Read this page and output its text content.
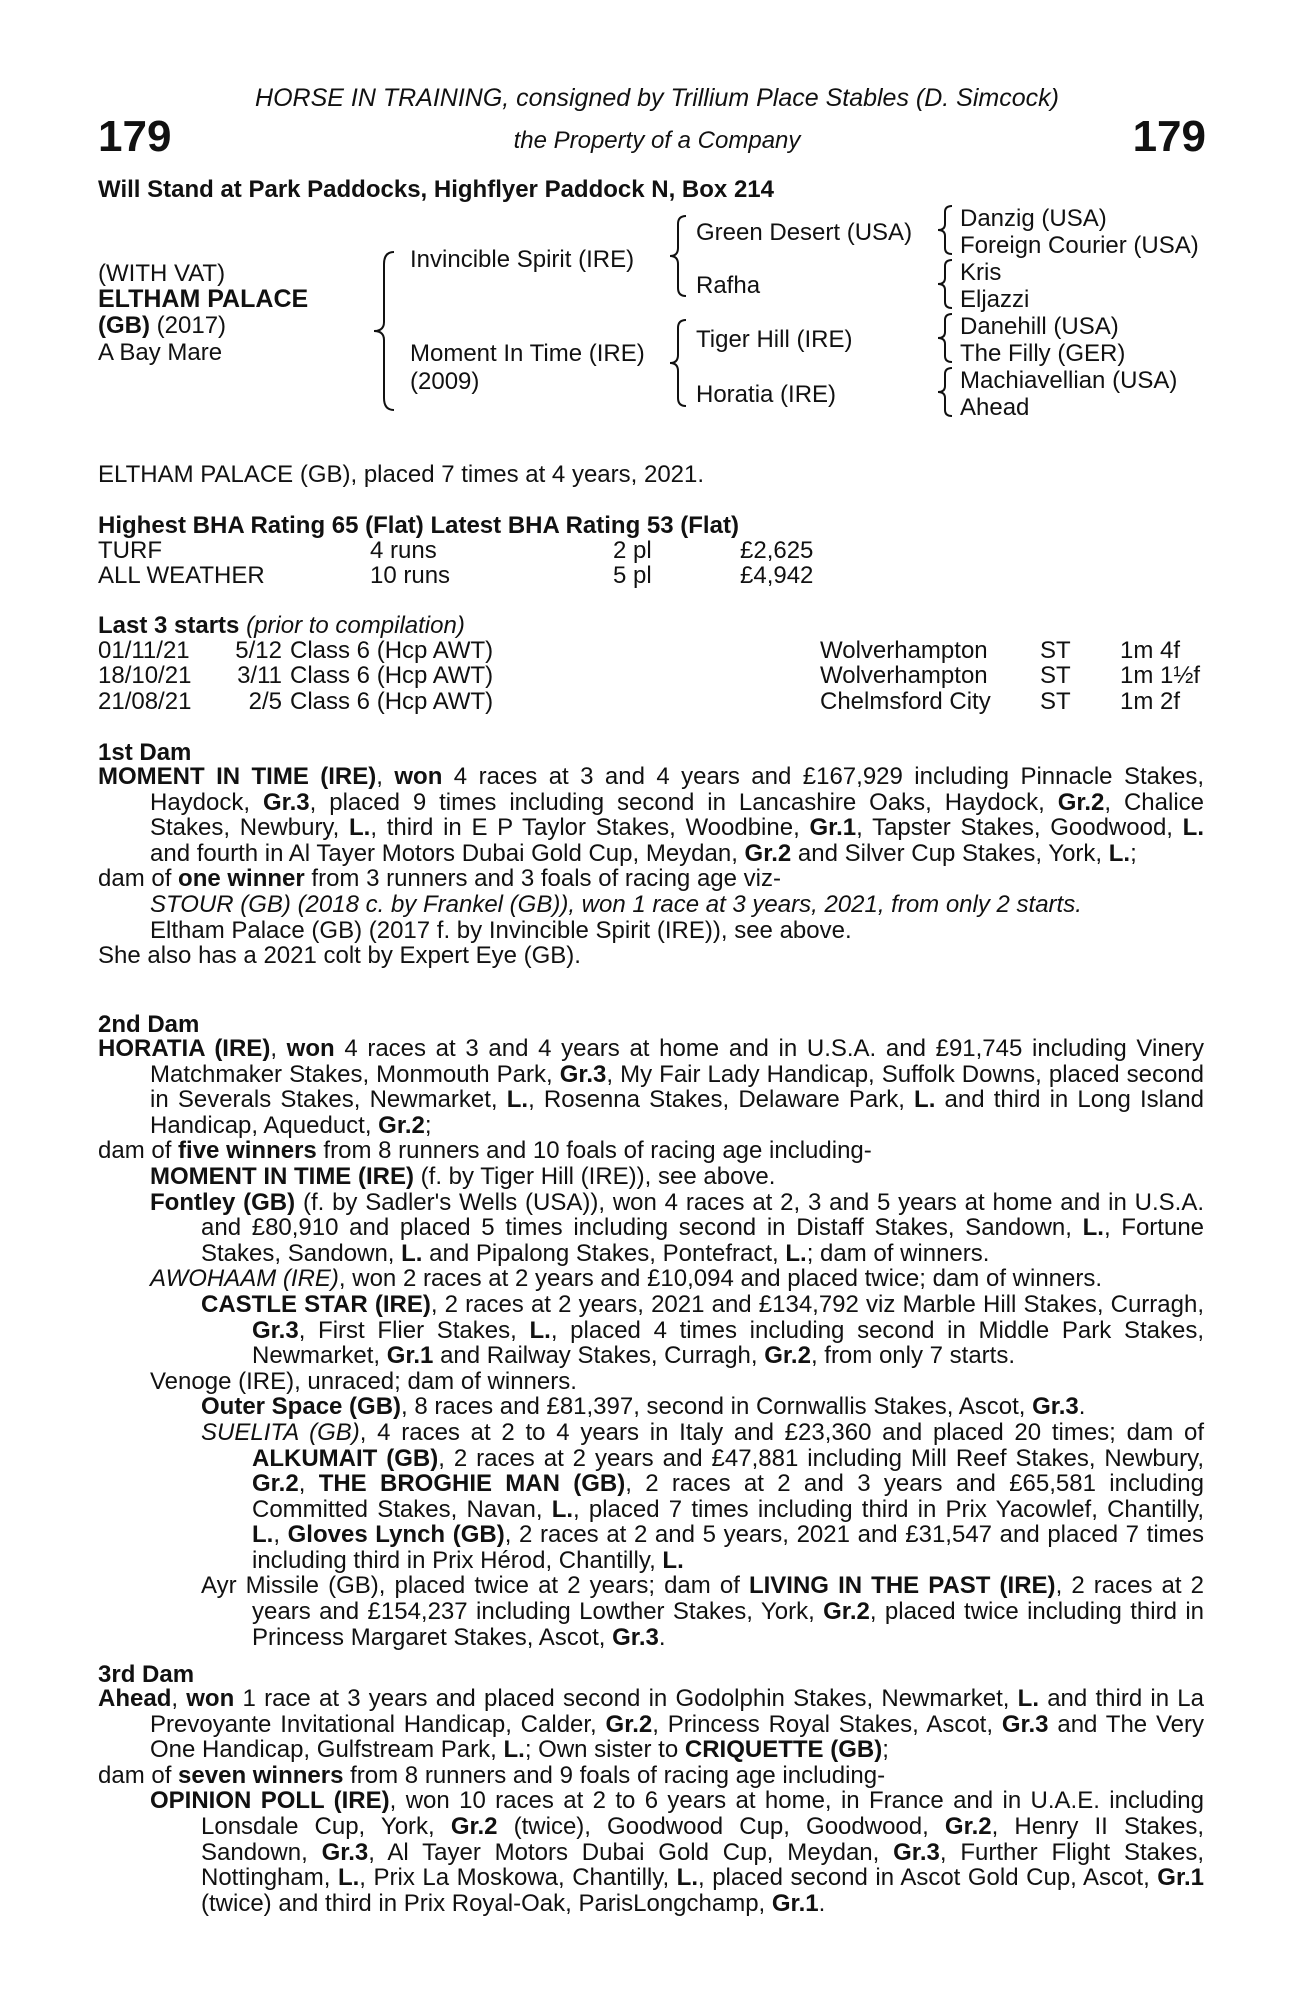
179	179
HORSE IN TRAINING, consigned by Trillium Place Stables (D. Simcock)
the Property of a Company
Will Stand at Park Paddocks, Highflyer Paddock N, Box 214
(WITH VAT)
ELTHAM PALACE
(GB) (2017)
A Bay Mare
Invincible Spirit (IRE)
Moment In Time (IRE)
(2009)
Green Desert (USA)
Rafha
Tiger Hill (IRE)
Horatia (IRE)
Danzig (USA)
Foreign Courier (USA)
Kris
Eljazzi
Danehill (USA)
The Filly (GER)
Machiavellian (USA)
Ahead
ELTHAM PALACE (GB), placed 7 times at 4 years, 2021.
Highest BHA Rating 65 (Flat) Latest BHA Rating 53 (Flat)
TURF	4 runs	2 pl	£2,625
ALL WEATHER	10 runs	5 pl	£4,942
Last 3 starts (prior to compilation)
01/11/21	5/12 Class 6 (Hcp AWT)	Wolverhampton ST 1m 4f
18/10/21	3/11 Class 6 (Hcp AWT)	Wolverhampton ST 1m 1½f
21/08/21	2/5 Class 6 (Hcp AWT)	Chelmsford City ST 1m 2f
1st Dam

MOMENT IN TIME (IRE), won 4 races at 3 and 4 years and £167,929 including Pinnacle Stakes, Haydock, Gr.3, placed 9 times including second in Lancashire Oaks, Haydock, Gr.2, Chalice Stakes, Newbury, L., third in E P Taylor Stakes, Woodbine, Gr.1, Tapster Stakes, Goodwood, L. and fourth in Al Tayer Motors Dubai Gold Cup, Meydan, Gr.2 and Silver Cup Stakes, York, L.;

dam of one winner from 3 runners and 3 foals of racing age viz-

STOUR (GB) (2018 c. by Frankel (GB)), won 1 race at 3 years, 2021, from only 2 starts.

Eltham Palace (GB) (2017 f. by Invincible Spirit (IRE)), see above.

She also has a 2021 colt by Expert Eye (GB).

2nd Dam

HORATIA (IRE), won 4 races at 3 and 4 years at home and in U.S.A. and £91,745 including Vinery Matchmaker Stakes, Monmouth Park, Gr.3, My Fair Lady Handicap, Suffolk Downs, placed second in Severals Stakes, Newmarket, L., Rosenna Stakes, Delaware Park, L. and third in Long Island Handicap, Aqueduct, Gr.2;

dam of five winners from 8 runners and 10 foals of racing age including-

MOMENT IN TIME (IRE) (f. by Tiger Hill (IRE)), see above.

Fontley (GB) (f. by Sadler's Wells (USA)), won 4 races at 2, 3 and 5 years at home and in U.S.A. and £80,910 and placed 5 times including second in Distaff Stakes, Sandown, L., Fortune Stakes, Sandown, L. and Pipalong Stakes, Pontefract, L.; dam of winners.

AWOHAAM (IRE), won 2 races at 2 years and £10,094 and placed twice; dam of winners.

CASTLE STAR (IRE), 2 races at 2 years, 2021 and £134,792 viz Marble Hill Stakes, Curragh, Gr.3, First Flier Stakes, L., placed 4 times including second in Middle Park Stakes, Newmarket, Gr.1 and Railway Stakes, Curragh, Gr.2, from only 7 starts.

Venoge (IRE), unraced; dam of winners.

Outer Space (GB), 8 races and £81,397, second in Cornwallis Stakes, Ascot, Gr.3.

SUELITA (GB), 4 races at 2 to 4 years in Italy and £23,360 and placed 20 times; dam of ALKUMAIT (GB), 2 races at 2 years and £47,881 including Mill Reef Stakes, Newbury, Gr.2, THE BROGHIE MAN (GB), 2 races at 2 and 3 years and £65,581 including Committed Stakes, Navan, L., placed 7 times including third in Prix Yacowlef, Chantilly, L., Gloves Lynch (GB), 2 races at 2 and 5 years, 2021 and £31,547 and placed 7 times including third in Prix Hérod, Chantilly, L.

Ayr Missile (GB), placed twice at 2 years; dam of LIVING IN THE PAST (IRE), 2 races at 2 years and £154,237 including Lowther Stakes, York, Gr.2, placed twice including third in Princess Margaret Stakes, Ascot, Gr.3.

3rd Dam

Ahead, won 1 race at 3 years and placed second in Godolphin Stakes, Newmarket, L. and third in La Prevoyante Invitational Handicap, Calder, Gr.2, Princess Royal Stakes, Ascot, Gr.3 and The Very One Handicap, Gulfstream Park, L.; Own sister to CRIQUETTE (GB);

dam of seven winners from 8 runners and 9 foals of racing age including-

OPINION POLL (IRE), won 10 races at 2 to 6 years at home, in France and in U.A.E. including Lonsdale Cup, York, Gr.2 (twice), Goodwood Cup, Goodwood, Gr.2, Henry II Stakes, Sandown, Gr.3, Al Tayer Motors Dubai Gold Cup, Meydan, Gr.3, Further Flight Stakes, Nottingham, L., Prix La Moskowa, Chantilly, L., placed second in Ascot Gold Cup, Ascot, Gr.1 (twice) and third in Prix Royal-Oak, ParisLongchamp, Gr.1.
